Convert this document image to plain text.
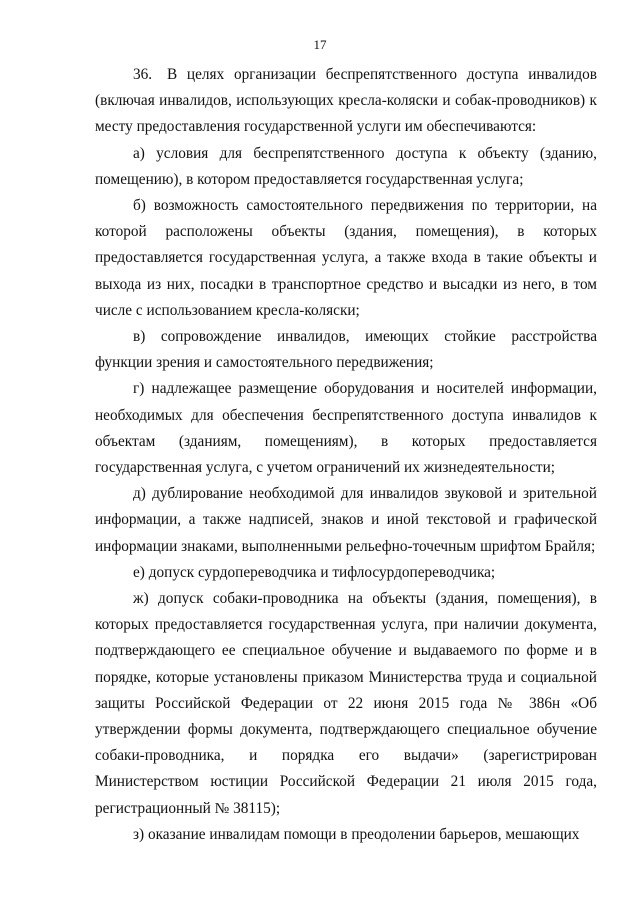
17

36. В целях организации беспрепятственного доступа инвалидов (включая инвалидов, использующих кресла-коляски и собак-проводников) к месту предоставления государственной услуги им обеспечиваются:

а) условия для беспрепятственного доступа к объекту (зданию, помещению), в котором предоставляется государственная услуга;

б) возможность самостоятельного передвижения по территории, на которой расположены объекты (здания, помещения), в которых предоставляется государственная услуга, а также входа в такие объекты и выхода из них, посадки в транспортное средство и высадки из него, в том числе с использованием кресла-коляски;

в) сопровождение инвалидов, имеющих стойкие расстройства функции зрения и самостоятельного передвижения;

г) надлежащее размещение оборудования и носителей информации, необходимых для обеспечения беспрепятственного доступа инвалидов к объектам (зданиям, помещениям), в которых предоставляется государственная услуга, с учетом ограничений их жизнедеятельности;

д) дублирование необходимой для инвалидов звуковой и зрительной информации, а также надписей, знаков и иной текстовой и графической информации знаками, выполненными рельефно-точечным шрифтом Брайля;

е) допуск сурдопереводчика и тифлосурдопереводчика;

ж) допуск собаки-проводника на объекты (здания, помещения), в которых предоставляется государственная услуга, при наличии документа, подтверждающего ее специальное обучение и выдаваемого по форме и в порядке, которые установлены приказом Министерства труда и социальной защиты Российской Федерации от 22 июня 2015 года № 386н «Об утверждении формы документа, подтверждающего специальное обучение собаки-проводника, и порядка его выдачи» (зарегистрирован Министерством юстиции Российской Федерации 21 июля 2015 года, регистрационный № 38115);

з) оказание инвалидам помощи в преодолении барьеров, мешающих
